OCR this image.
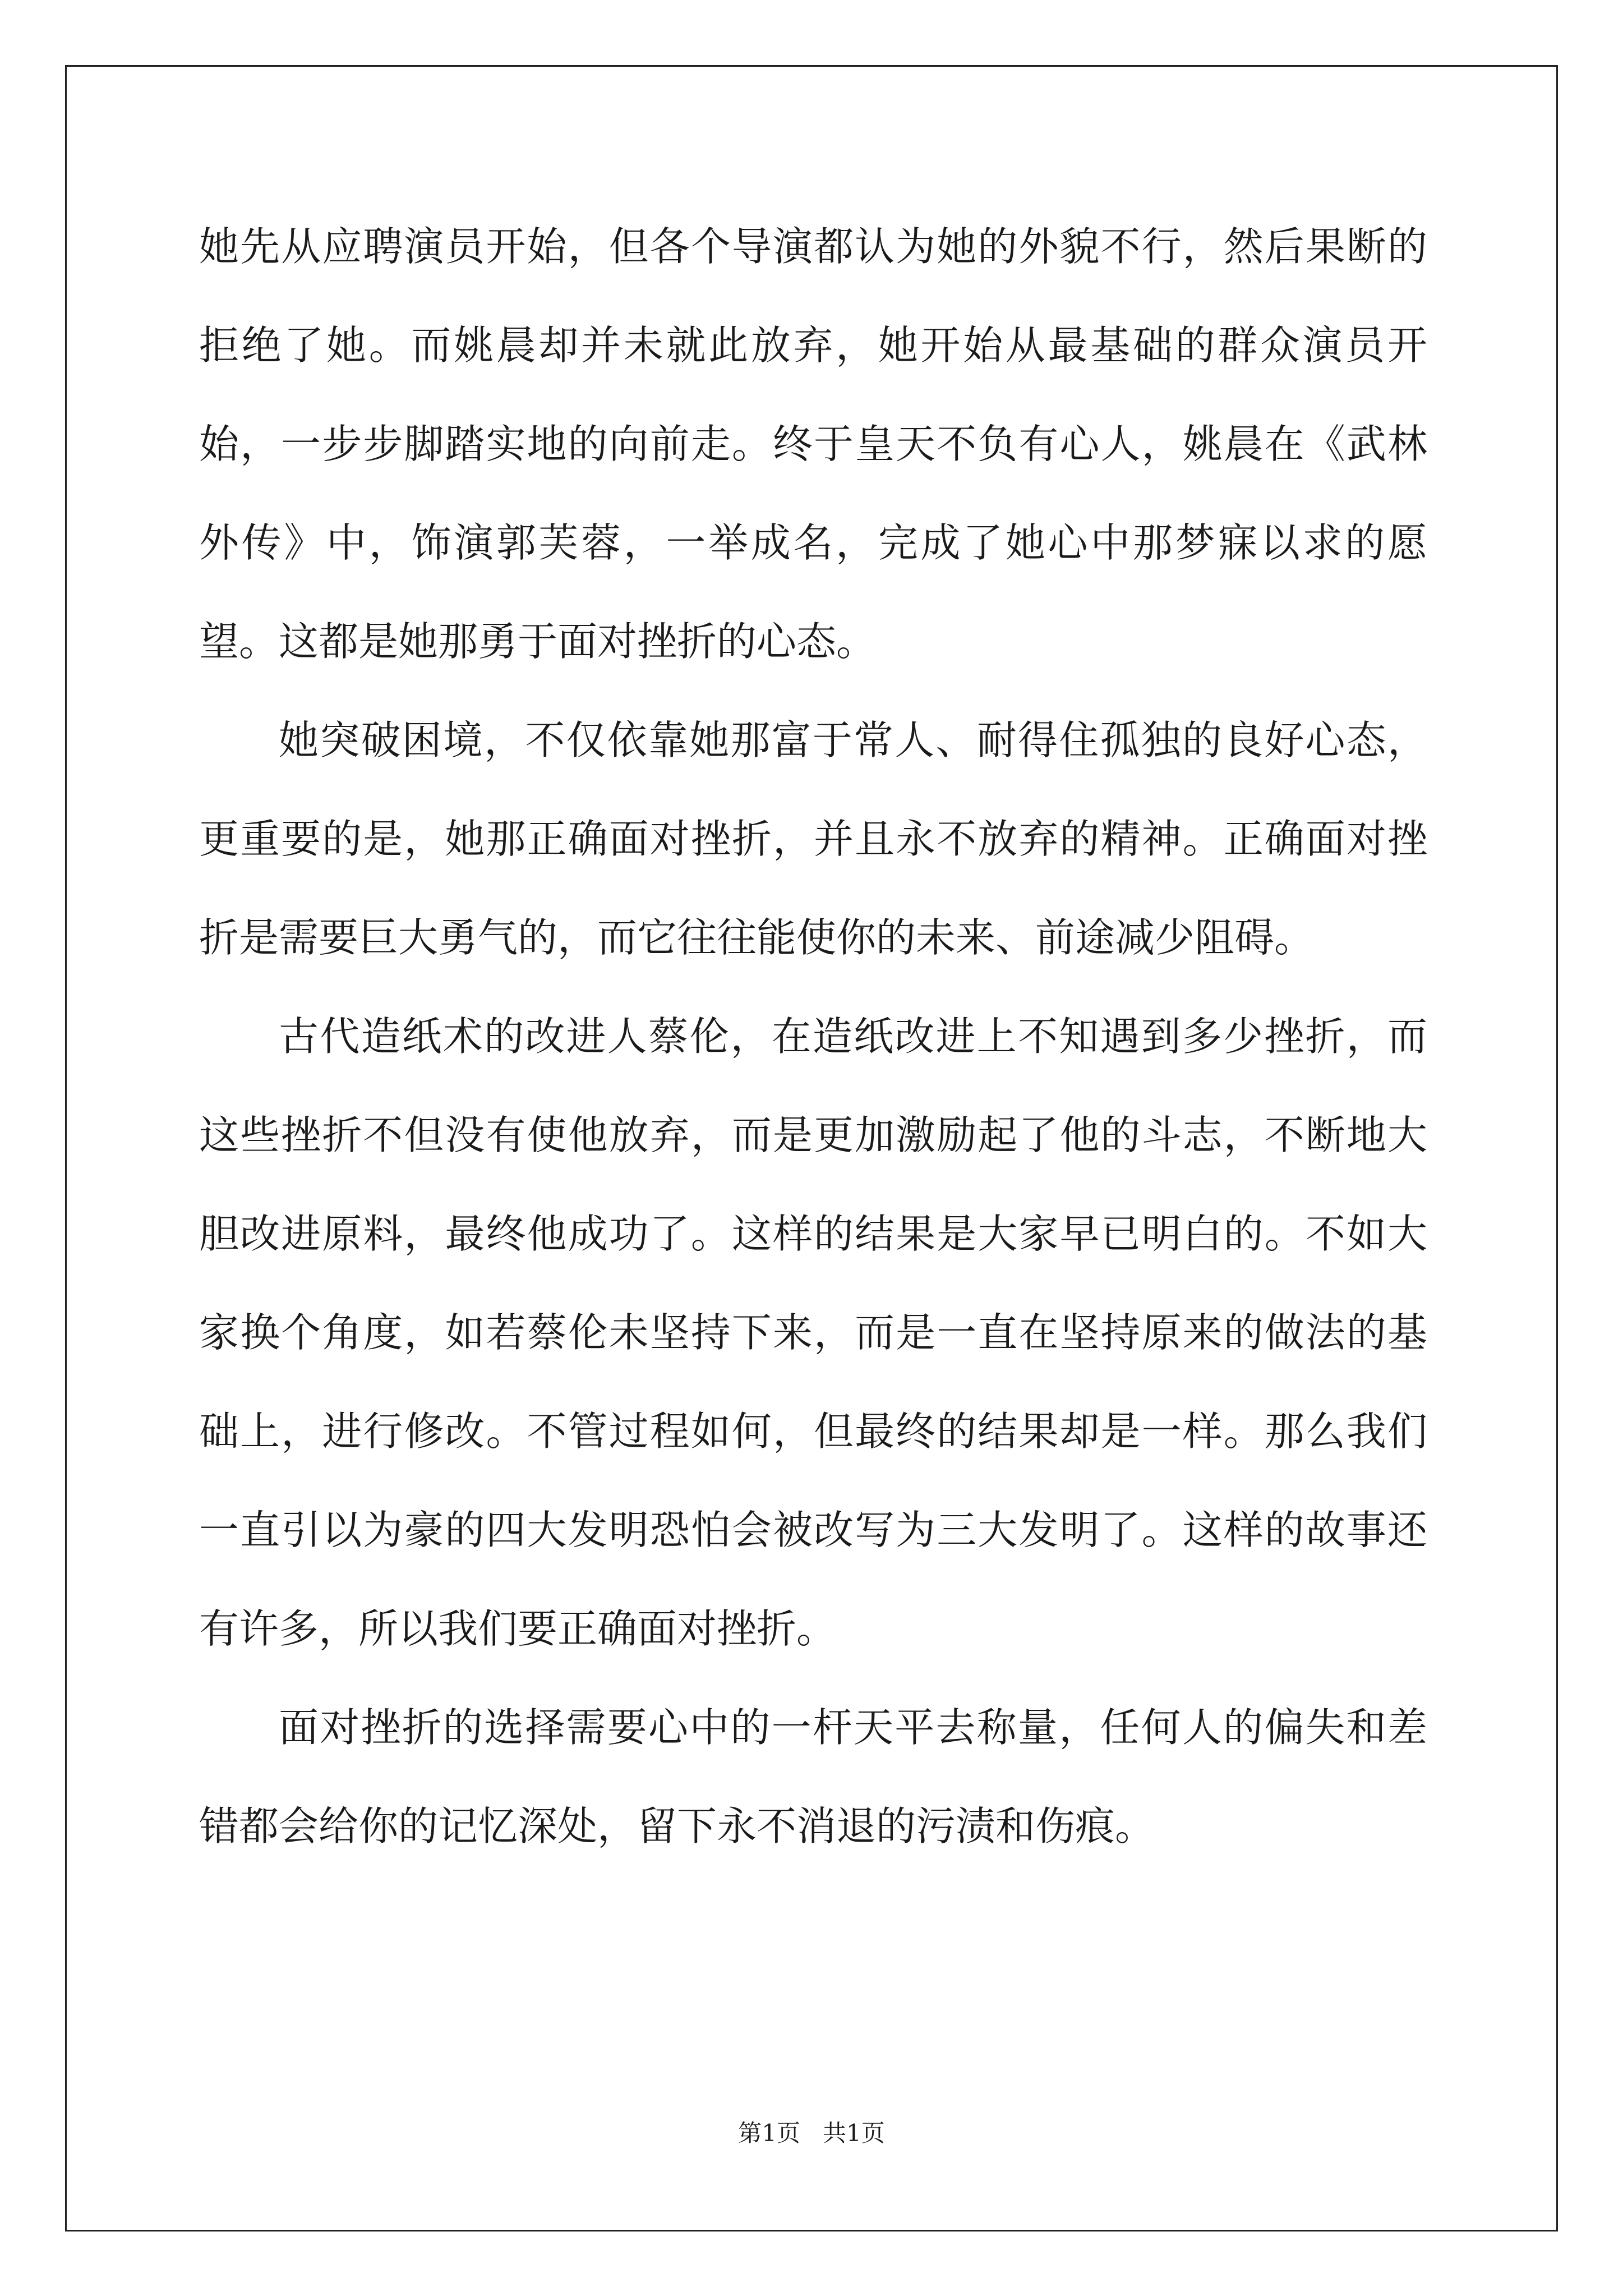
她先从应聘演员开始，但各个导演都认为她的外貌不行，然后果断的拒绝了她。而姚晨却并未就此放弃，她开始从最基础的群众演员开始，一步步脚踏实地的向前走。终于皇天不负有心人，姚晨在《武林外传》中，饰演郭芙蓉，一举成名，完成了她心中那梦寐以求的愿望。这都是她那勇于面对挫折的心态。

她突破困境，不仅依靠她那富于常人、耐得住孤独的良好心态，更重要的是，她那正确面对挫折，并且永不放弃的精神。正确面对挫折是需要巨大勇气的，而它往往能使你的未来、前途减少阻碍。

古代造纸术的改进人蔡伦，在造纸改进上不知遇到多少挫折，而这些挫折不但没有使他放弃，而是更加激励起了他的斗志，不断地大胆改进原料，最终他成功了。这样的结果是大家早已明白的。不如大家换个角度，如若蔡伦未坚持下来，而是一直在坚持原来的做法的基础上，进行修改。不管过程如何，但最终的结果却是一样。那么我们一直引以为豪的四大发明恐怕会被改写为三大发明了。这样的故事还有许多，所以我们要正确面对挫折。

面对挫折的选择需要心中的一杆天平去称量，任何人的偏失和差错都会给你的记忆深处，留下永不消退的污渍和伤痕。

第1页   共1页
